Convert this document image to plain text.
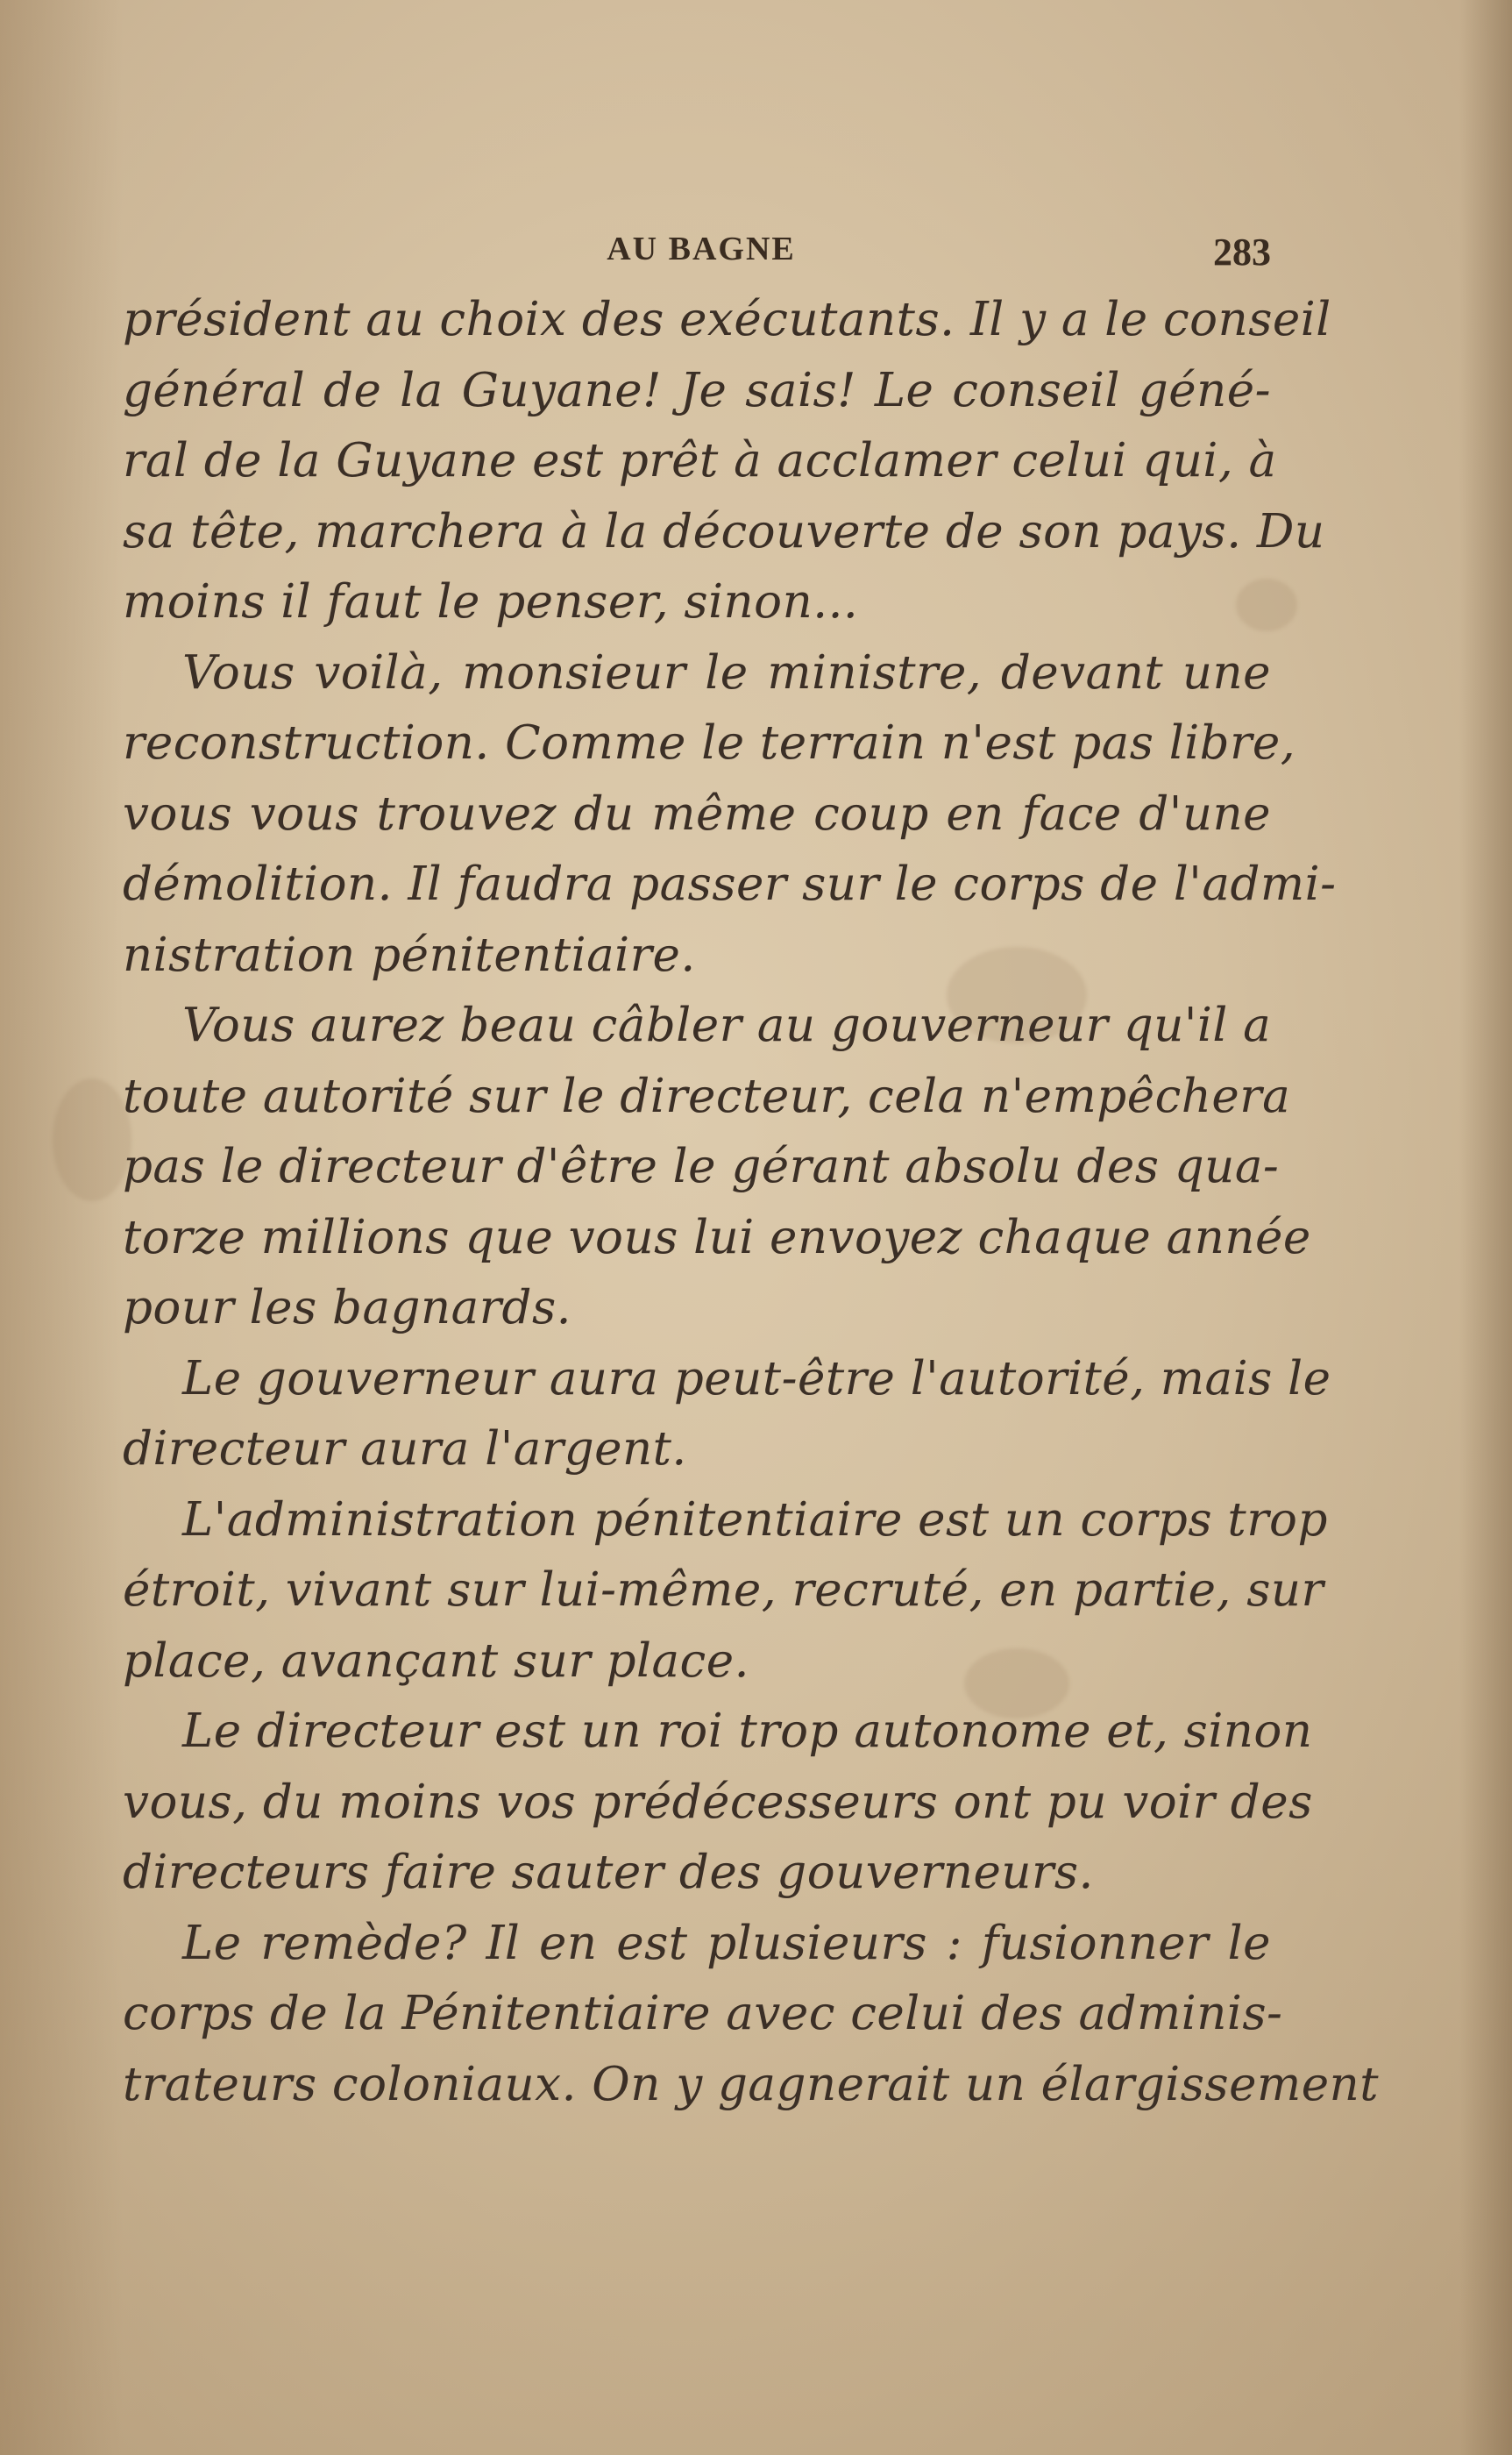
AU BAGNE	283
président au choix des exécutants. Il y a le conseil
général de la Guyane! Je sais! Le conseil géné-
ral de la Guyane est prêt à acclamer celui qui, à
sa tête, marchera à la découverte de son pays. Du
moins il faut le penser, sinon...
Vous voilà, monsieur le ministre, devant une
reconstruction. Comme le terrain n'est pas libre,
vous vous trouvez du même coup en face d'une
démolition. Il faudra passer sur le corps de l'admi-
nistration pénitentiaire.
Vous aurez beau câbler au gouverneur qu'il a
toute autorité sur le directeur, cela n'empêchera
pas le directeur d'être le gérant absolu des qua-
torze millions que vous lui envoyez chaque année
pour les bagnards.
Le gouverneur aura peut-être l'autorité, mais le
directeur aura l'argent.
L'administration pénitentiaire est un corps trop
étroit, vivant sur lui-même, recruté, en partie, sur
place, avançant sur place.
Le directeur est un roi trop autonome et, sinon
vous, du moins vos prédécesseurs ont pu voir des
directeurs faire sauter des gouverneurs.
Le remède? Il en est plusieurs : fusionner le
corps de la Pénitentiaire avec celui des adminis-
trateurs coloniaux. On y gagnerait un élargissement
